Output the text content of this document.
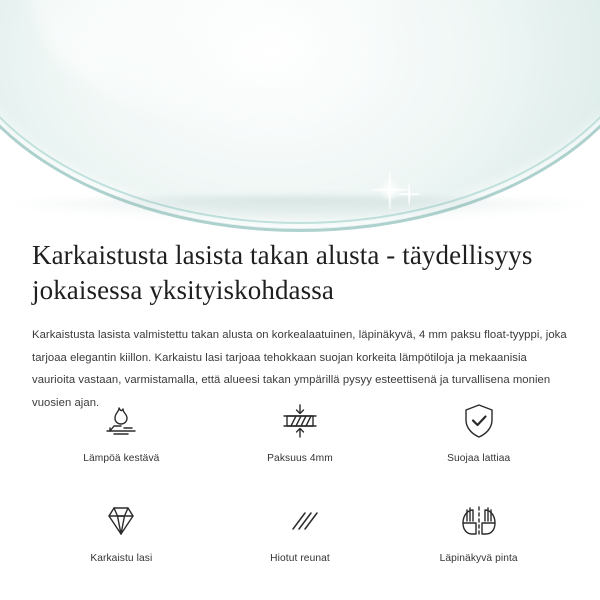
Karkaistusta lasista takan alusta - täydellisyys jokaisessa yksityiskohdassa

Karkaistusta lasista valmistettu takan alusta on korkealaatuinen, läpinäkyvä, 4 mm paksu float-tyyppi, joka tarjoaa elegantin kiillon. Karkaistu lasi tarjoaa tehokkaan suojan korkeita lämpötiloja ja mekaanisia vaurioita vastaan, varmistamalla, että alueesi takan ympärillä pysyy esteettisenä ja turvallisena monien vuosien ajan.

Lämpöä kestävä	Paksuus 4mm	Suojaa lattiaa
Karkaistu lasi	Hiotut reunat	Läpinäkyvä pinta
